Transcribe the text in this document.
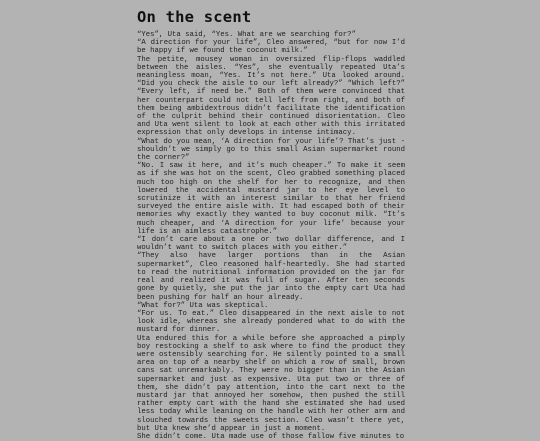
On the scent

“Yes”, Uta said, “Yes. What are we searching for?”

“A direction for your life”, Cleo answered, “but for now I’d be happy if we found the coconut milk.”

The petite, mousey woman in oversized flip-flops waddled between the aisles. “Yes”, she eventually repeated Uta’s meaningless moan, “Yes. It’s not here.” Uta looked around. “Did you check the aisle to our left already?” “Which left?” “Every left, if need be.” Both of them were convinced that her counterpart could not tell left from right, and both of them being ambidextrous didn’t facilitate the identification of the culprit behind their continued disorientation. Cleo and Uta went silent to look at each other with this irritated expression that only develops in intense intimacy.

“What do you mean, ‘A direction for your life’? That’s just - shouldn’t we simply go to this small Asian supermarket round the corner?”

“No. I saw it here, and it’s much cheaper.” To make it seem as if she was hot on the scent, Cleo grabbed something placed much too high on the shelf for her to recognize, and then lowered the accidental mustard jar to her eye level to scrutinize it with an interest similar to that her friend surveyed the entire aisle with. It had escaped both of their memories why exactly they wanted to buy coconut milk. “It’s much cheaper, and ‘A direction for your life’ because your life is an aimless catastrophe.”

“I don’t care about a one or two dollar difference, and I wouldn’t want to switch places with you either.”

“They also have larger portions than in the Asian supermarket”, Cleo reasoned half-heartedly. She had started to read the nutritional information provided on the jar for real and realized it was full of sugar. After ten seconds gone by quietly, she put the jar into the empty cart Uta had been pushing for half an hour already.

“What for?” Uta was skeptical.

“For us. To eat.” Cleo disappeared in the next aisle to not look idle, whereas she already pondered what to do with the mustard for dinner.

Uta endured this for a while before she approached a pimply boy restocking a shelf to ask where to find the product they were ostensibly searching for. He silently pointed to a small area on top of a nearby shelf on which a row of small, brown cans sat unremarkably. They were no bigger than in the Asian supermarket and just as expensive. Uta put two or three of them, she didn’t pay attention, into the cart next to the mustard jar that annoyed her somehow, then pushed the still rather empty cart with the hand she estimated she had used less today while leaning on the handle with her other arm and slouched towards the sweets section. Cleo wasn’t there yet, but Uta knew she’d appear in just a moment.

She didn’t come. Uta made use of those fallow five minutes to
